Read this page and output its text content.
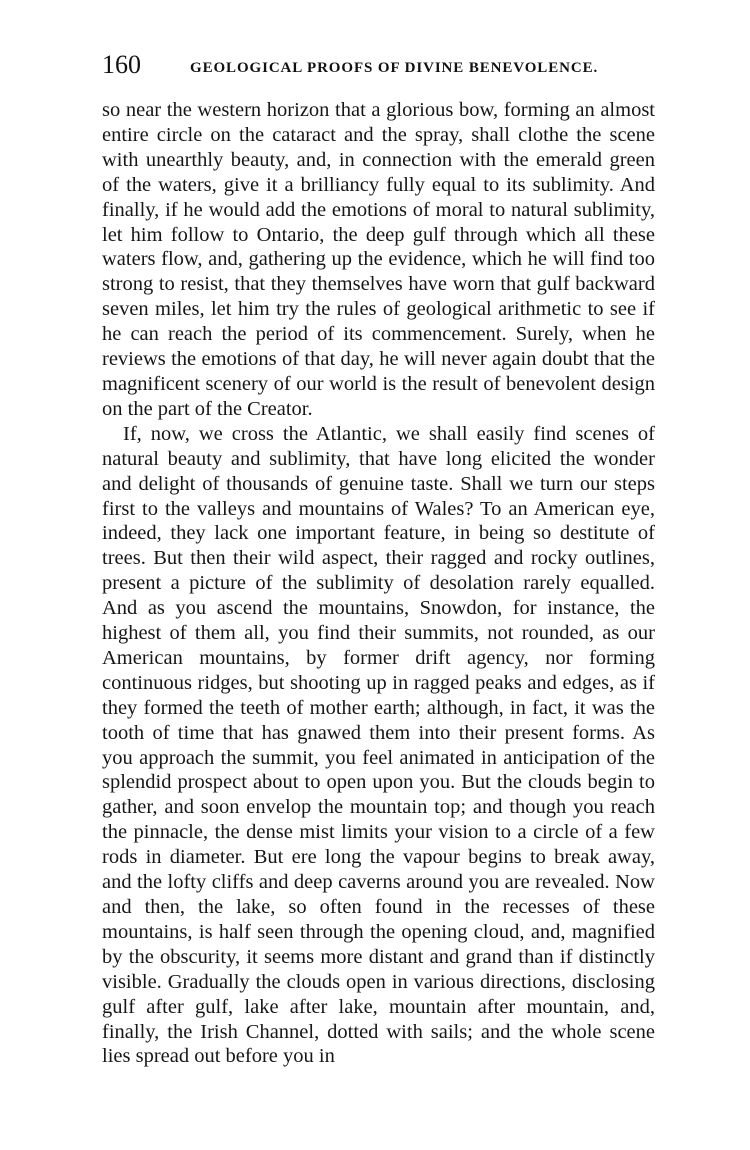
160	GEOLOGICAL PROOFS OF DIVINE BENEVOLENCE.

so near the western horizon that a glorious bow, forming an almost entire circle on the cataract and the spray, shall clothe the scene with unearthly beauty, and, in connection with the emerald green of the waters, give it a brilliancy fully equal to its sublimity. And finally, if he would add the emotions of moral to natural sublimity, let him follow to Ontario, the deep gulf through which all these waters flow, and, gathering up the evidence, which he will find too strong to resist, that they themselves have worn that gulf backward seven miles, let him try the rules of geological arithmetic to see if he can reach the period of its commencement. Surely, when he reviews the emotions of that day, he will never again doubt that the magnificent scenery of our world is the result of benevolent design on the part of the Creator.

If, now, we cross the Atlantic, we shall easily find scenes of natural beauty and sublimity, that have long elicited the wonder and delight of thousands of genuine taste. Shall we turn our steps first to the valleys and mountains of Wales? To an American eye, indeed, they lack one important feature, in being so destitute of trees. But then their wild aspect, their ragged and rocky outlines, present a picture of the sublimity of desolation rarely equalled. And as you ascend the mountains, Snowdon, for instance, the highest of them all, you find their summits, not rounded, as our American mountains, by former drift agency, nor forming continuous ridges, but shooting up in ragged peaks and edges, as if they formed the teeth of mother earth; although, in fact, it was the tooth of time that has gnawed them into their present forms. As you approach the summit, you feel animated in anticipation of the splendid prospect about to open upon you. But the clouds begin to gather, and soon envelop the mountain top; and though you reach the pinnacle, the dense mist limits your vision to a circle of a few rods in diameter. But ere long the vapour begins to break away, and the lofty cliffs and deep caverns around you are revealed. Now and then, the lake, so often found in the recesses of these mountains, is half seen through the opening cloud, and, magnified by the obscurity, it seems more distant and grand than if distinctly visible. Gradually the clouds open in various directions, disclosing gulf after gulf, lake after lake, mountain after mountain, and, finally, the Irish Channel, dotted with sails; and the whole scene lies spread out before you in
